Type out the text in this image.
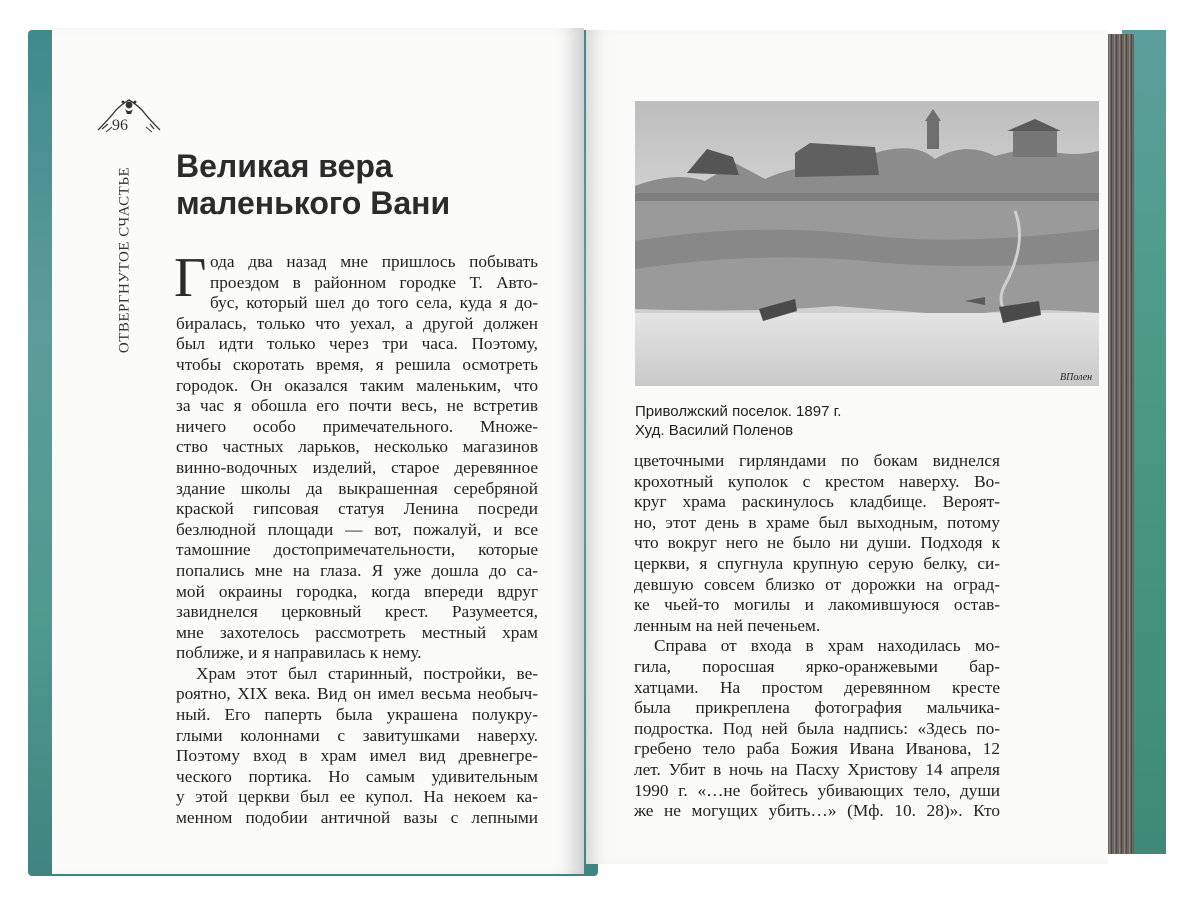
96
ОТВЕРГНУТОЕ СЧАСТЬЕ
Великая вера
маленького Вани
Г ода два назад мне пришлось побывать
проездом в районном городке Т. Авто-
бус, который шел до того села, куда я до-
биралась, только что уехал, а другой должен
был идти только через три часа. Поэтому,
чтобы скоротать время, я решила осмотреть
городок. Он оказался таким маленьким, что
за час я обошла его почти весь, не встретив
ничего особо примечательного. Множе-
ство частных ларьков, несколько магазинов
винно-водочных изделий, старое деревянное
здание школы да выкрашенная серебряной
краской гипсовая статуя Ленина посреди
безлюдной площади — вот, пожалуй, и все
тамошние достопримечательности, которые
попались мне на глаза. Я уже дошла до са-
мой окраины городка, когда впереди вдруг
завиднелся церковный крест. Разумеется,
мне захотелось рассмотреть местный храм
поближе, и я направилась к нему.
Храм этот был старинный, постройки, ве-
роятно, XIX века. Вид он имел весьма необыч-
ный. Его паперть была украшена полукру-
глыми колоннами с завитушками наверху.
Поэтому вход в храм имел вид древнегре-
ческого портика. Но самым удивительным
у этой церкви был ее купол. На некоем ка-
менном подобии античной вазы с лепными
ВПолен
Приволжский поселок. 1897 г.
Худ. Василий Поленов
цветочными гирляндами по бокам виднелся
крохотный куполок с крестом наверху. Во-
круг храма раскинулось кладбище. Вероят-
но, этот день в храме был выходным, потому
что вокруг него не было ни души. Подходя к
церкви, я спугнула крупную серую белку, си-
девшую совсем близко от дорожки на оград-
ке чьей-то могилы и лакомившуюся остав-
ленным на ней печеньем.
Справа от входа в храм находилась мо-
гила, поросшая ярко-оранжевыми бар-
хатцами. На простом деревянном кресте
была прикреплена фотография мальчика-
подростка. Под ней была надпись: «Здесь по-
гребено тело раба Божия Ивана Иванова, 12
лет. Убит в ночь на Пасху Христову 14 апреля
1990 г. «…не бойтесь убивающих тело, души
же не могущих убить…» (Мф. 10. 28)». Кто
